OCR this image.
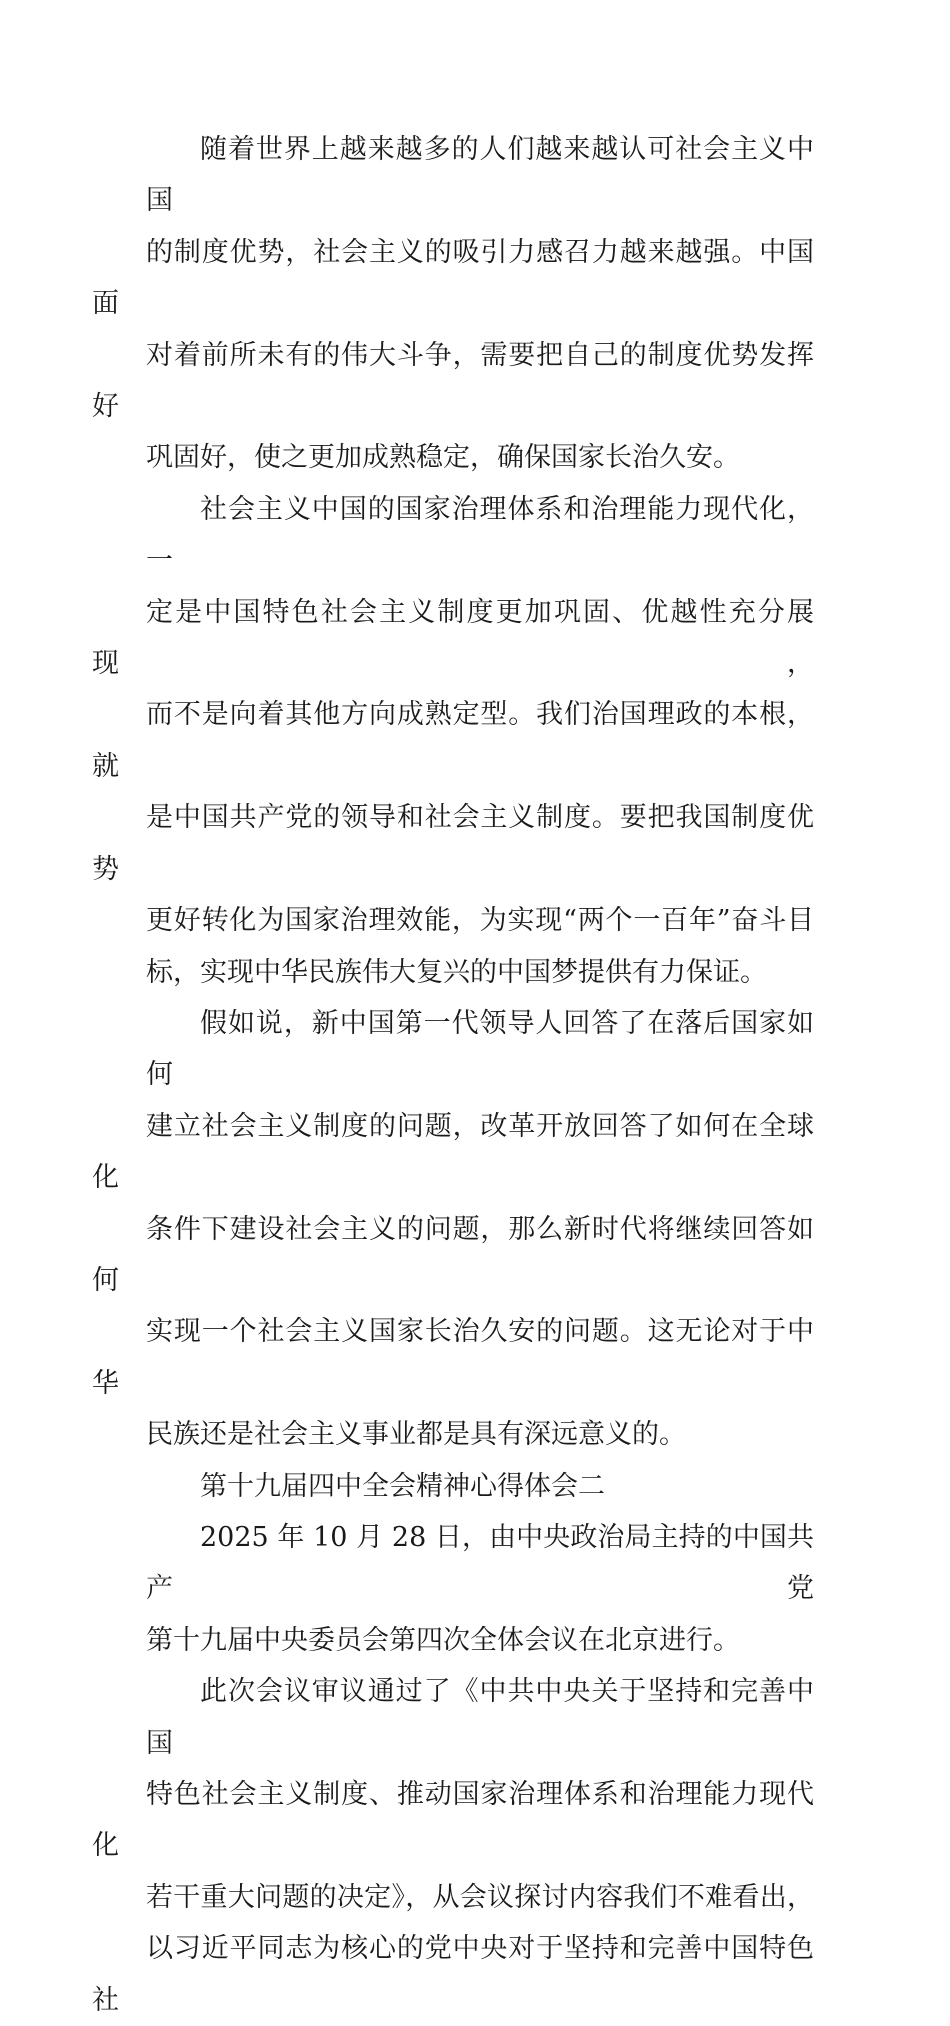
随着世界上越来越多的人们越来越认可社会主义中国
的制度优势，社会主义的吸引力感召力越来越强。中国面
对着前所未有的伟大斗争，需要把自己的制度优势发挥好
巩固好，使之更加成熟稳定，确保国家长治久安。
社会主义中国的国家治理体系和治理能力现代化，一
定是中国特色社会主义制度更加巩固、优越性充分展现，
而不是向着其他方向成熟定型。我们治国理政的本根，就
是中国共产党的领导和社会主义制度。要把我国制度优势
更好转化为国家治理效能，为实现“两个一百年”奋斗目
标，实现中华民族伟大复兴的中国梦提供有力保证。
假如说，新中国第一代领导人回答了在落后国家如何
建立社会主义制度的问题，改革开放回答了如何在全球化
条件下建设社会主义的问题，那么新时代将继续回答如何
实现一个社会主义国家长治久安的问题。这无论对于中华
民族还是社会主义事业都是具有深远意义的。
第十九届四中全会精神心得体会二
2025 年 10 月 28 日，由中央政治局主持的中国共产党
第十九届中央委员会第四次全体会议在北京进行。
此次会议审议通过了《中共中央关于坚持和完善中国
特色社会主义制度、推动国家治理体系和治理能力现代化
若干重大问题的决定》，从会议探讨内容我们不难看出，
以习近平同志为核心的党中央对于坚持和完善中国特色社
